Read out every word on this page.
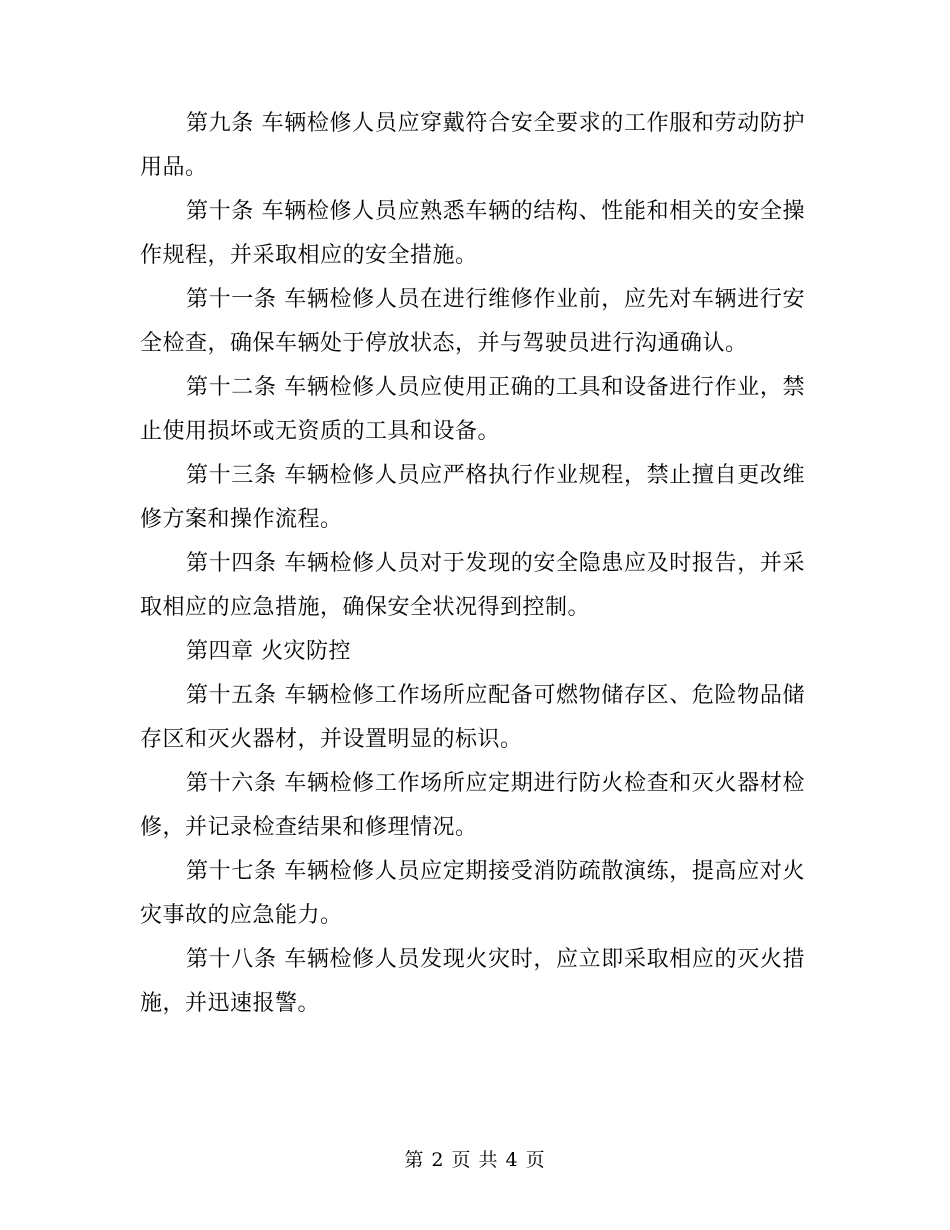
第九条 车辆检修人员应穿戴符合安全要求的工作服和劳动防护用品。

第十条 车辆检修人员应熟悉车辆的结构、性能和相关的安全操作规程，并采取相应的安全措施。

第十一条 车辆检修人员在进行维修作业前，应先对车辆进行安全检查，确保车辆处于停放状态，并与驾驶员进行沟通确认。

第十二条 车辆检修人员应使用正确的工具和设备进行作业，禁止使用损坏或无资质的工具和设备。

第十三条 车辆检修人员应严格执行作业规程，禁止擅自更改维修方案和操作流程。

第十四条 车辆检修人员对于发现的安全隐患应及时报告，并采取相应的应急措施，确保安全状况得到控制。

第四章 火灾防控

第十五条 车辆检修工作场所应配备可燃物储存区、危险物品储存区和灭火器材，并设置明显的标识。

第十六条 车辆检修工作场所应定期进行防火检查和灭火器材检修，并记录检查结果和修理情况。

第十七条 车辆检修人员应定期接受消防疏散演练，提高应对火灾事故的应急能力。

第十八条 车辆检修人员发现火灾时，应立即采取相应的灭火措施，并迅速报警。

第 2 页 共 4 页
